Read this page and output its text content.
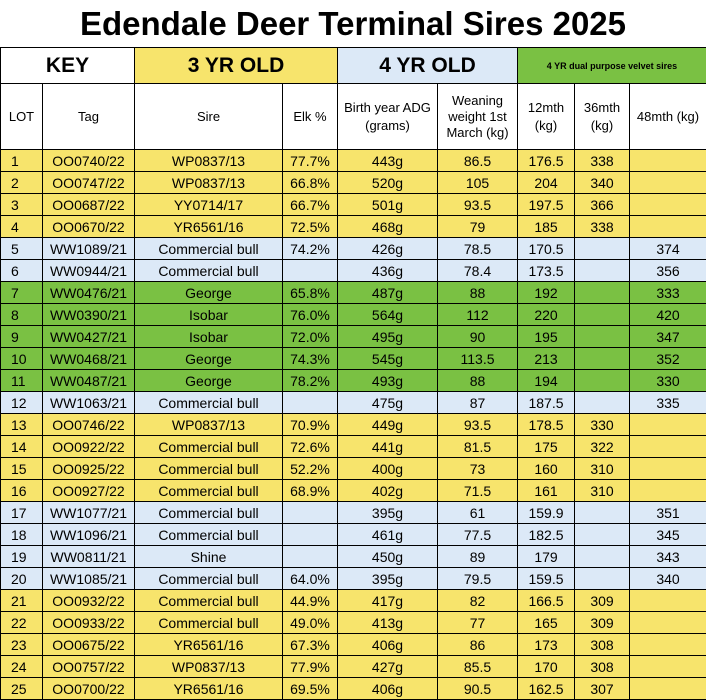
Edendale Deer Terminal Sires 2025
KEY		3 YR OLD		4 YR OLD		4 YR dual purpose velvet sires		
LOT	Tag	Sire	Elk %	Birth year ADG (grams)	Weaning weight 1st March (kg)	12mth (kg)	36mth (kg)	48mth (kg)
1	OO0740/22	WP0837/13	77.7%	443g	86.5	176.5	338	
2	OO0747/22	WP0837/13	66.8%	520g	105	204	340	
3	OO0687/22	YY0714/17	66.7%	501g	93.5	197.5	366	
4	OO0670/22	YR6561/16	72.5%	468g	79	185	338	
5	WW1089/21	Commercial bull	74.2%	426g	78.5	170.5		374
6	WW0944/21	Commercial bull		436g	78.4	173.5		356
7	WW0476/21	George	65.8%	487g	88	192		333
8	WW0390/21	Isobar	76.0%	564g	112	220		420
9	WW0427/21	Isobar	72.0%	495g	90	195		347
10	WW0468/21	George	74.3%	545g	113.5	213		352
11	WW0487/21	George	78.2%	493g	88	194		330
12	WW1063/21	Commercial bull		475g	87	187.5		335
13	OO0746/22	WP0837/13	70.9%	449g	93.5	178.5	330	
14	OO0922/22	Commercial bull	72.6%	441g	81.5	175	322	
15	OO0925/22	Commercial bull	52.2%	400g	73	160	310	
16	OO0927/22	Commercial bull	68.9%	402g	71.5	161	310	
17	WW1077/21	Commercial bull		395g	61	159.9		351
18	WW1096/21	Commercial bull		461g	77.5	182.5		345
19	WW0811/21	Shine		450g	89	179		343
20	WW1085/21	Commercial bull	64.0%	395g	79.5	159.5		340
21	OO0932/22	Commercial bull	44.9%	417g	82	166.5	309	
22	OO0933/22	Commercial bull	49.0%	413g	77	165	309	
23	OO0675/22	YR6561/16	67.3%	406g	86	173	308	
24	OO0757/22	WP0837/13	77.9%	427g	85.5	170	308	
25	OO0700/22	YR6561/16	69.5%	406g	90.5	162.5	307	
